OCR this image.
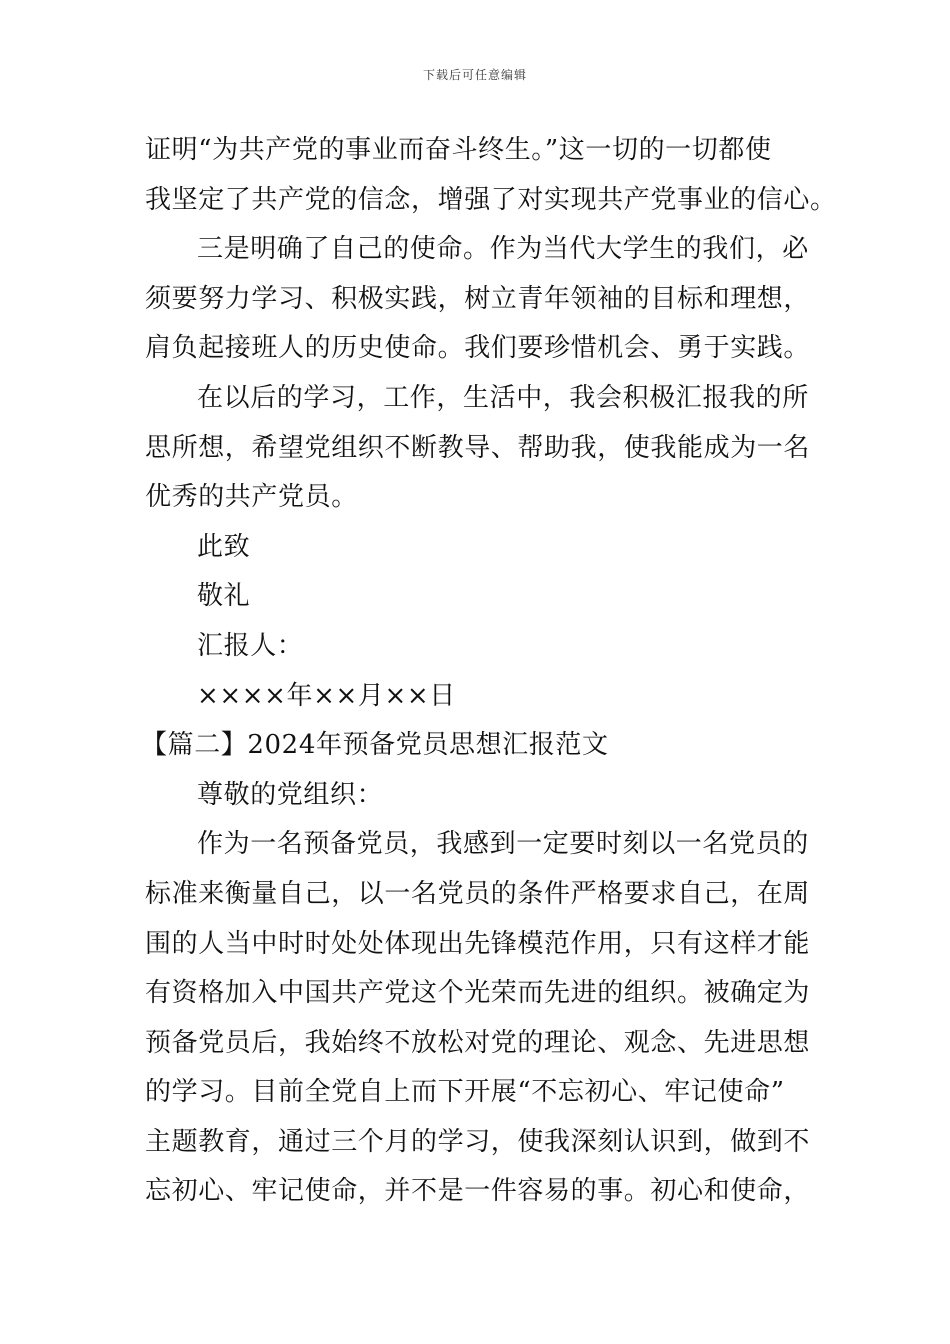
下载后可任意编辑
证明“为共产党的事业而奋斗终生。”这一切的一切都使
我坚定了共产党的信念，增强了对实现共产党事业的信心。
三是明确了自己的使命。作为当代大学生的我们，必
须要努力学习、积极实践，树立青年领袖的目标和理想，
肩负起接班人的历史使命。我们要珍惜机会、勇于实践。
在以后的学习，工作，生活中，我会积极汇报我的所
思所想，希望党组织不断教导、帮助我，使我能成为一名
优秀的共产党员。
此致
敬礼
汇报人：
××××年××月××日
【篇二】2024年预备党员思想汇报范文
尊敬的党组织：
作为一名预备党员，我感到一定要时刻以一名党员的
标准来衡量自己，以一名党员的条件严格要求自己，在周
围的人当中时时处处体现出先锋模范作用，只有这样才能
有资格加入中国共产党这个光荣而先进的组织。被确定为
预备党员后，我始终不放松对党的理论、观念、先进思想
的学习。目前全党自上而下开展“不忘初心、牢记使命”
主题教育，通过三个月的学习，使我深刻认识到，做到不
忘初心、牢记使命，并不是一件容易的事。初心和使命，
